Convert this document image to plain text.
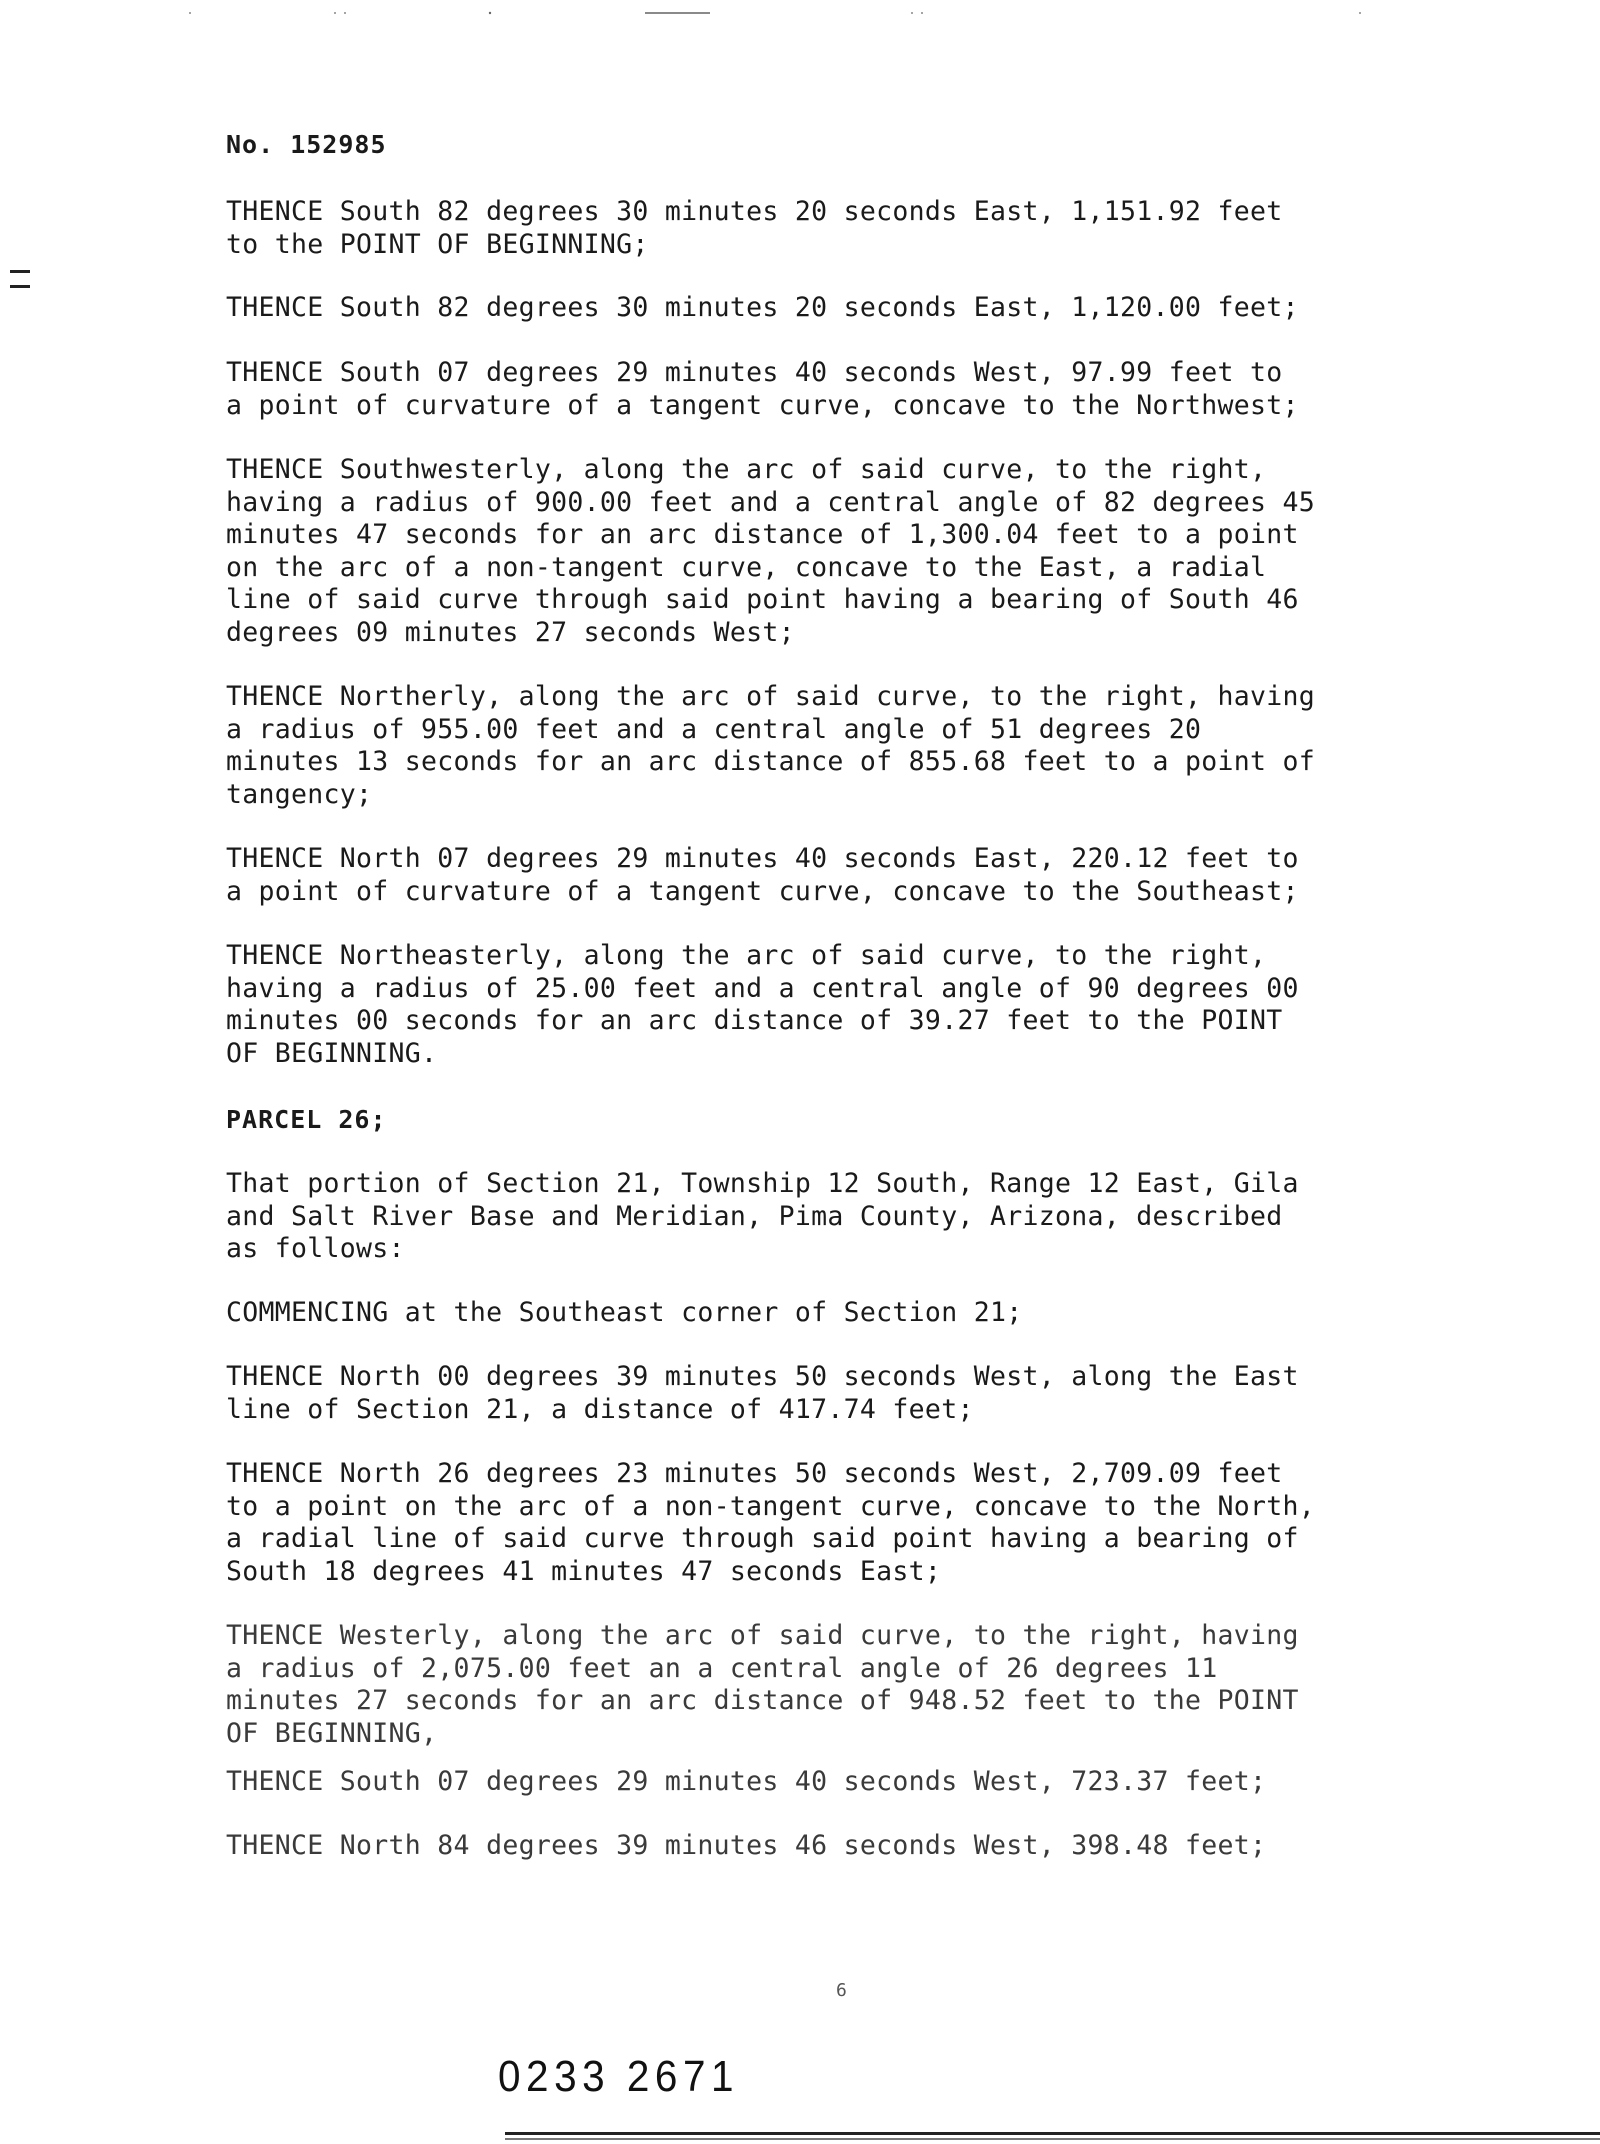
No. 152985
THENCE South 82 degrees 30 minutes 20 seconds East, 1,151.92 feet
to the POINT OF BEGINNING;
THENCE South 82 degrees 30 minutes 20 seconds East, 1,120.00 feet;
THENCE South 07 degrees 29 minutes 40 seconds West, 97.99 feet to
a point of curvature of a tangent curve, concave to the Northwest;
THENCE Southwesterly, along the arc of said curve, to the right,
having a radius of 900.00 feet and a central angle of 82 degrees 45
minutes 47 seconds for an arc distance of 1,300.04 feet to a point
on the arc of a non-tangent curve, concave to the East, a radial
line of said curve through said point having a bearing of South 46
degrees 09 minutes 27 seconds West;
THENCE Northerly, along the arc of said curve, to the right, having
a radius of 955.00 feet and a central angle of 51 degrees 20
minutes 13 seconds for an arc distance of 855.68 feet to a point of
tangency;
THENCE North 07 degrees 29 minutes 40 seconds East, 220.12 feet to
a point of curvature of a tangent curve, concave to the Southeast;
THENCE Northeasterly, along the arc of said curve, to the right,
having a radius of 25.00 feet and a central angle of 90 degrees 00
minutes 00 seconds for an arc distance of 39.27 feet to the POINT
OF BEGINNING.
PARCEL 26;
That portion of Section 21, Township 12 South, Range 12 East, Gila
and Salt River Base and Meridian, Pima County, Arizona, described
as follows:
COMMENCING at the Southeast corner of Section 21;
THENCE North 00 degrees 39 minutes 50 seconds West, along the East
line of Section 21, a distance of 417.74 feet;
THENCE North 26 degrees 23 minutes 50 seconds West, 2,709.09 feet
to a point on the arc of a non-tangent curve, concave to the North,
a radial line of said curve through said point having a bearing of
South 18 degrees 41 minutes 47 seconds East;
THENCE Westerly, along the arc of said curve, to the right, having
a radius of 2,075.00 feet an a central angle of 26 degrees 11
minutes 27 seconds for an arc distance of 948.52 feet to the POINT
OF BEGINNING,
THENCE South 07 degrees 29 minutes 40 seconds West, 723.37 feet;
THENCE North 84 degrees 39 minutes 46 seconds West, 398.48 feet;
6
0233 2671
